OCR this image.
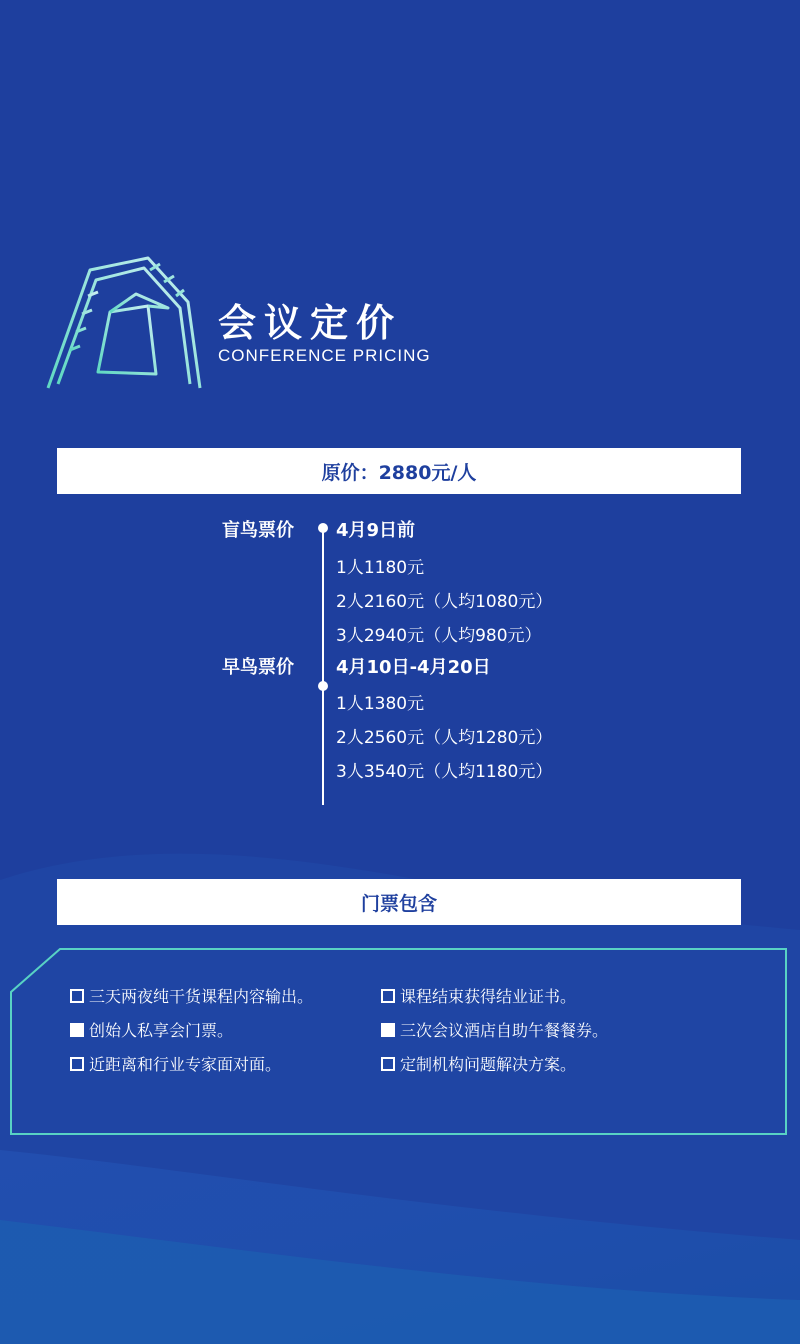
会议定价
CONFERENCE PRICING
原价：2880元/人
盲鸟票价 4月9日前
1人1180元
2人2160元（人均1080元）
3人2940元（人均980元）
早鸟票价 4月10日-4月20日
1人1380元
2人2560元（人均1280元）
3人3540元（人均1180元）
门票包含
三天两夜纯干货课程内容输出。	课程结束获得结业证书。
创始人私享会门票。	三次会议酒店自助午餐餐券。
近距离和行业专家面对面。	定制机构问题解决方案。
